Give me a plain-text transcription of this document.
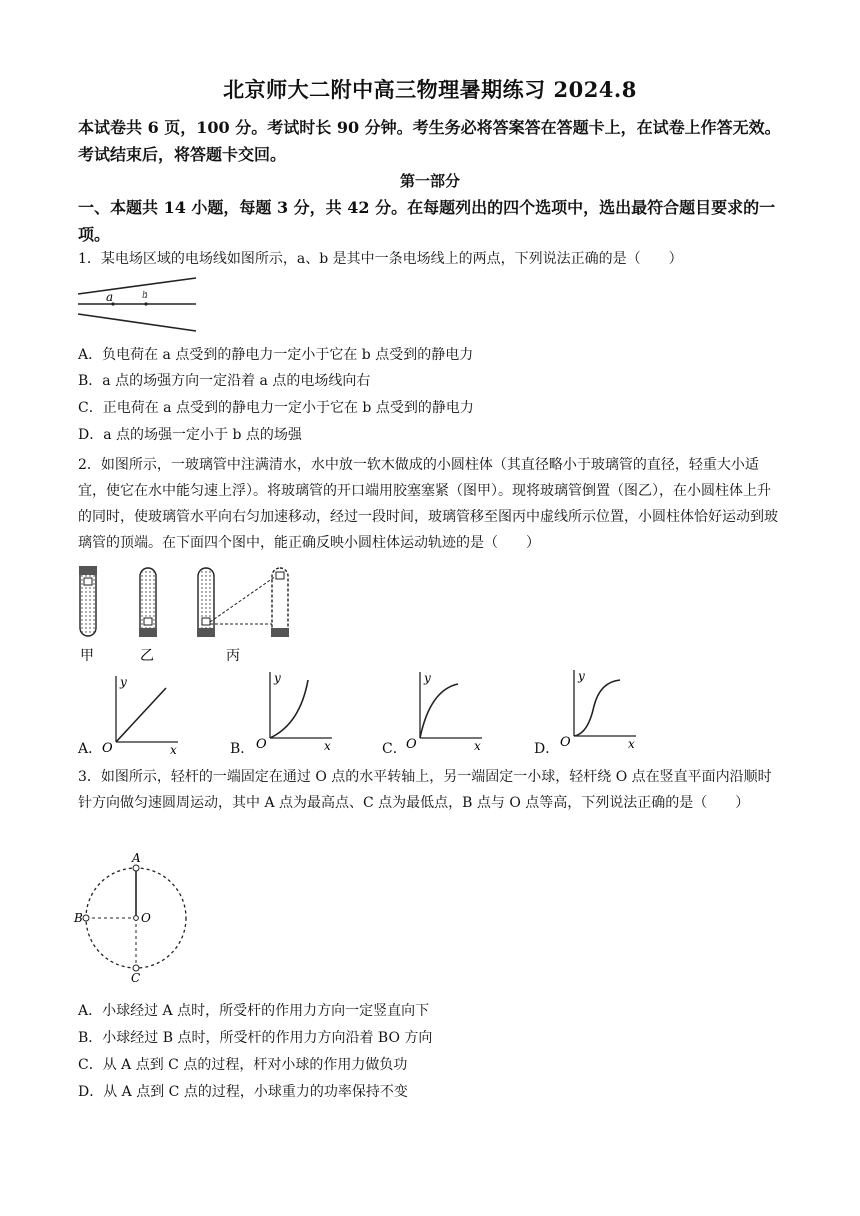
北京师大二附中高三物理暑期练习 2024.8
本试卷共 6 页，100 分。考试时长 90 分钟。考生务必将答案答在答题卡上，在试卷上作答无效。考试结束后，将答题卡交回。
第一部分
一、本题共 14 小题，每题 3 分，共 42 分。在每题列出的四个选项中，选出最符合题目要求的一项。
1．某电场区域的电场线如图所示，a、b 是其中一条电场线上的两点，下列说法正确的是（　　）
a	b
A．负电荷在 a 点受到的静电力一定小于它在 b 点受到的静电力
B．a 点的场强方向一定沿着 a 点的电场线向右
C．正电荷在 a 点受到的静电力一定小于它在 b 点受到的静电力
D．a 点的场强一定小于 b 点的场强
2．如图所示，一玻璃管中注满清水，水中放一软木做成的小圆柱体（其直径略小于玻璃管的直径，轻重大小适宜，使它在水中能匀速上浮）。将玻璃管的开口端用胶塞塞紧（图甲）。现将玻璃管倒置（图乙），在小圆柱体上升的同时，使玻璃管水平向右匀加速移动，经过一段时间，玻璃管移至图丙中虚线所示位置，小圆柱体恰好运动到玻璃管的顶端。在下面四个图中，能正确反映小圆柱体运动轨迹的是（　　）
甲	乙	丙
A．
y
x
O	B．
y
x
O	C．
y
x
O	D．
y
x
O
3．如图所示，轻杆的一端固定在通过 O 点的水平转轴上，另一端固定一小球，轻杆绕 O 点在竖直平面内沿顺时针方向做匀速圆周运动，其中 A 点为最高点、C 点为最低点，B 点与 O 点等高，下列说法正确的是（　　）
A
B	O
C
A．小球经过 A 点时，所受杆的作用力方向一定竖直向下
B．小球经过 B 点时，所受杆的作用力方向沿着 BO 方向
C．从 A 点到 C 点的过程，杆对小球的作用力做负功
D．从 A 点到 C 点的过程，小球重力的功率保持不变
